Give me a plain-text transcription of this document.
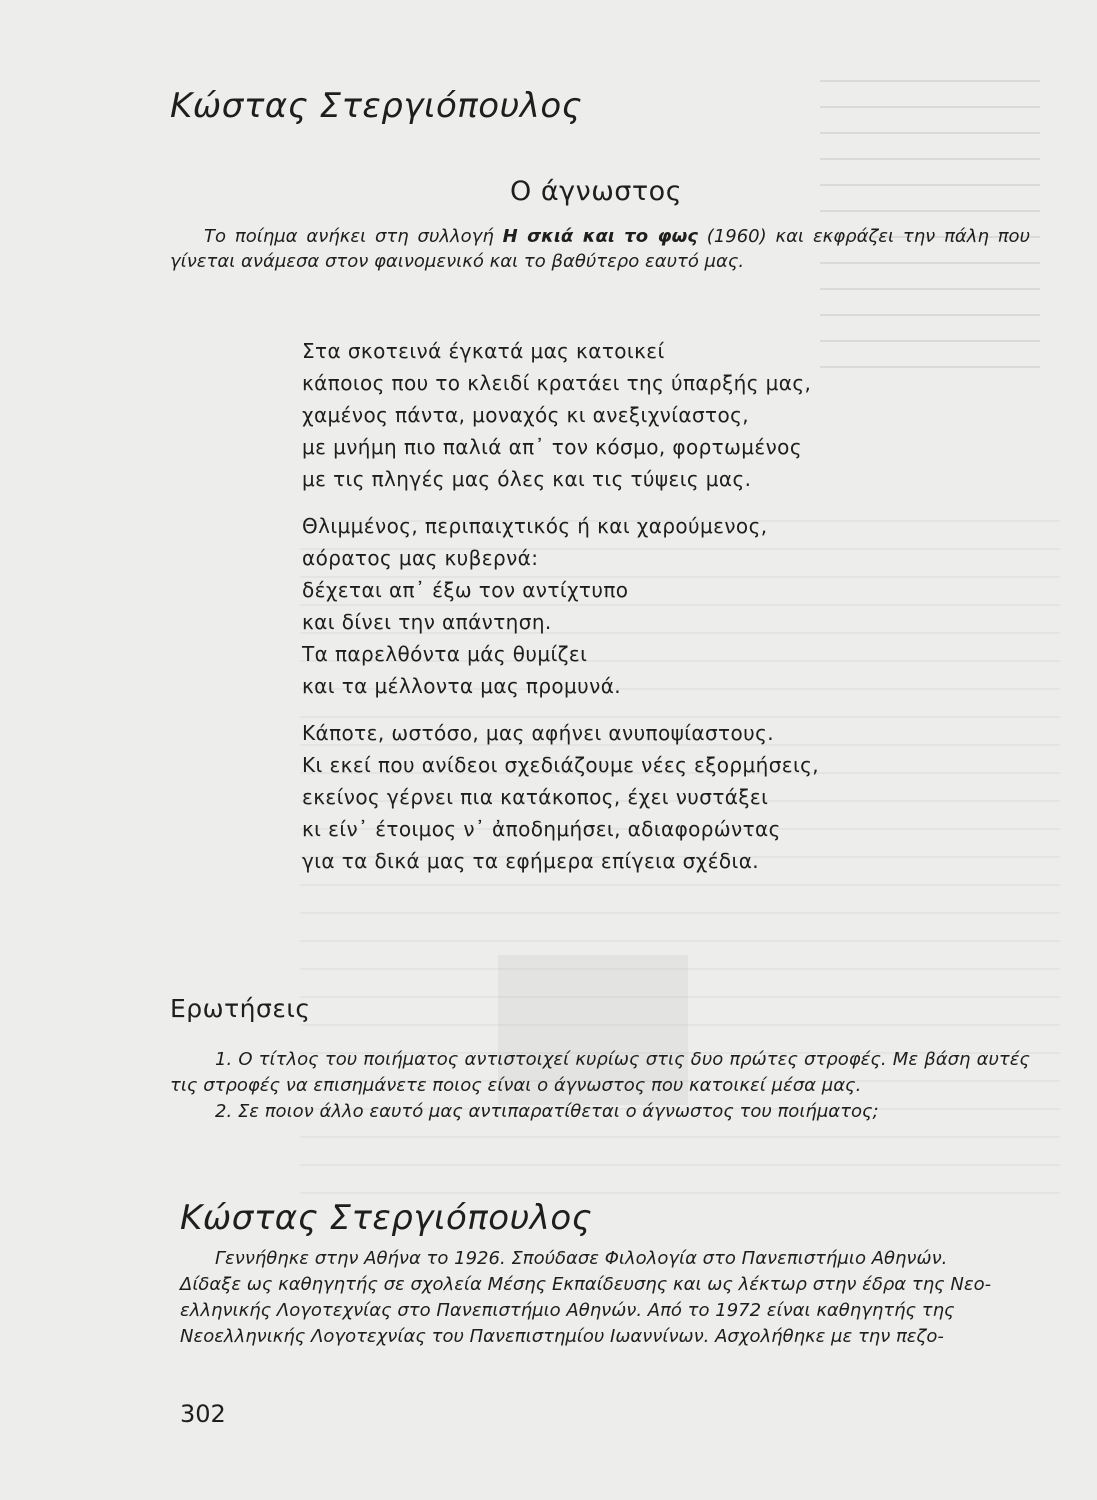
Κώστας Στεργιόπουλος
Ο άγνωστος

Το ποίημα ανήκει στη συλλογή Η σκιά και το φως (1960) και εκφράζει την πάλη που γίνεται ανάμεσα στον φαινομενικό και το βαθύτερο εαυτό μας.

Στα σκοτεινά έγκατά μας κατοικεί
κάποιος που το κλειδί κρατάει της ύπαρξής μας,
χαμένος πάντα, μοναχός κι ανεξιχνίαστος,
με μνήμη πιο παλιά απ᾽ τον κόσμο, φορτωμένος
με τις πληγές μας όλες και τις τύψεις μας.
Θλιμμένος, περιπαιχτικός ή και χαρούμενος,
αόρατος μας κυβερνά:
δέχεται απ᾽ έξω τον αντίχτυπο
και δίνει την απάντηση.
Τα παρελθόντα μάς θυμίζει
και τα μέλλοντα μας προμυνά.
Κάποτε, ωστόσο, μας αφήνει ανυποψίαστους.
Κι εκεί που ανίδεοι σχεδιάζουμε νέες εξορμήσεις,
εκείνος γέρνει πια κατάκοπος, έχει νυστάξει
κι είν᾽ έτοιμος ν᾽ ἀποδημήσει, αδιαφορώντας
για τα δικά μας τα εφήμερα επίγεια σχέδια.
Ερωτήσεις
1. Ο τίτλος του ποιήματος αντιστοιχεί κυρίως στις δυο πρώτες στροφές. Με βάση αυτές τις στροφές να επισημάνετε ποιος είναι ο άγνωστος που κατοικεί μέσα μας.
2. Σε ποιον άλλο εαυτό μας αντιπαρατίθεται ο άγνωστος του ποιήματος;
Κώστας Στεργιόπουλος

Γεννήθηκε στην Αθήνα το 1926. Σπούδασε Φιλολογία στο Πανεπιστήμιο Αθηνών.
Δίδαξε ως καθηγητής σε σχολεία Μέσης Εκπαίδευσης και ως λέκτωρ στην έδρα της Νεο-
ελληνικής Λογοτεχνίας στο Πανεπιστήμιο Αθηνών. Από το 1972 είναι καθηγητής της
Νεοελληνικής Λογοτεχνίας του Πανεπιστημίου Ιωαννίνων. Ασχολήθηκε με την πεζο-

302
